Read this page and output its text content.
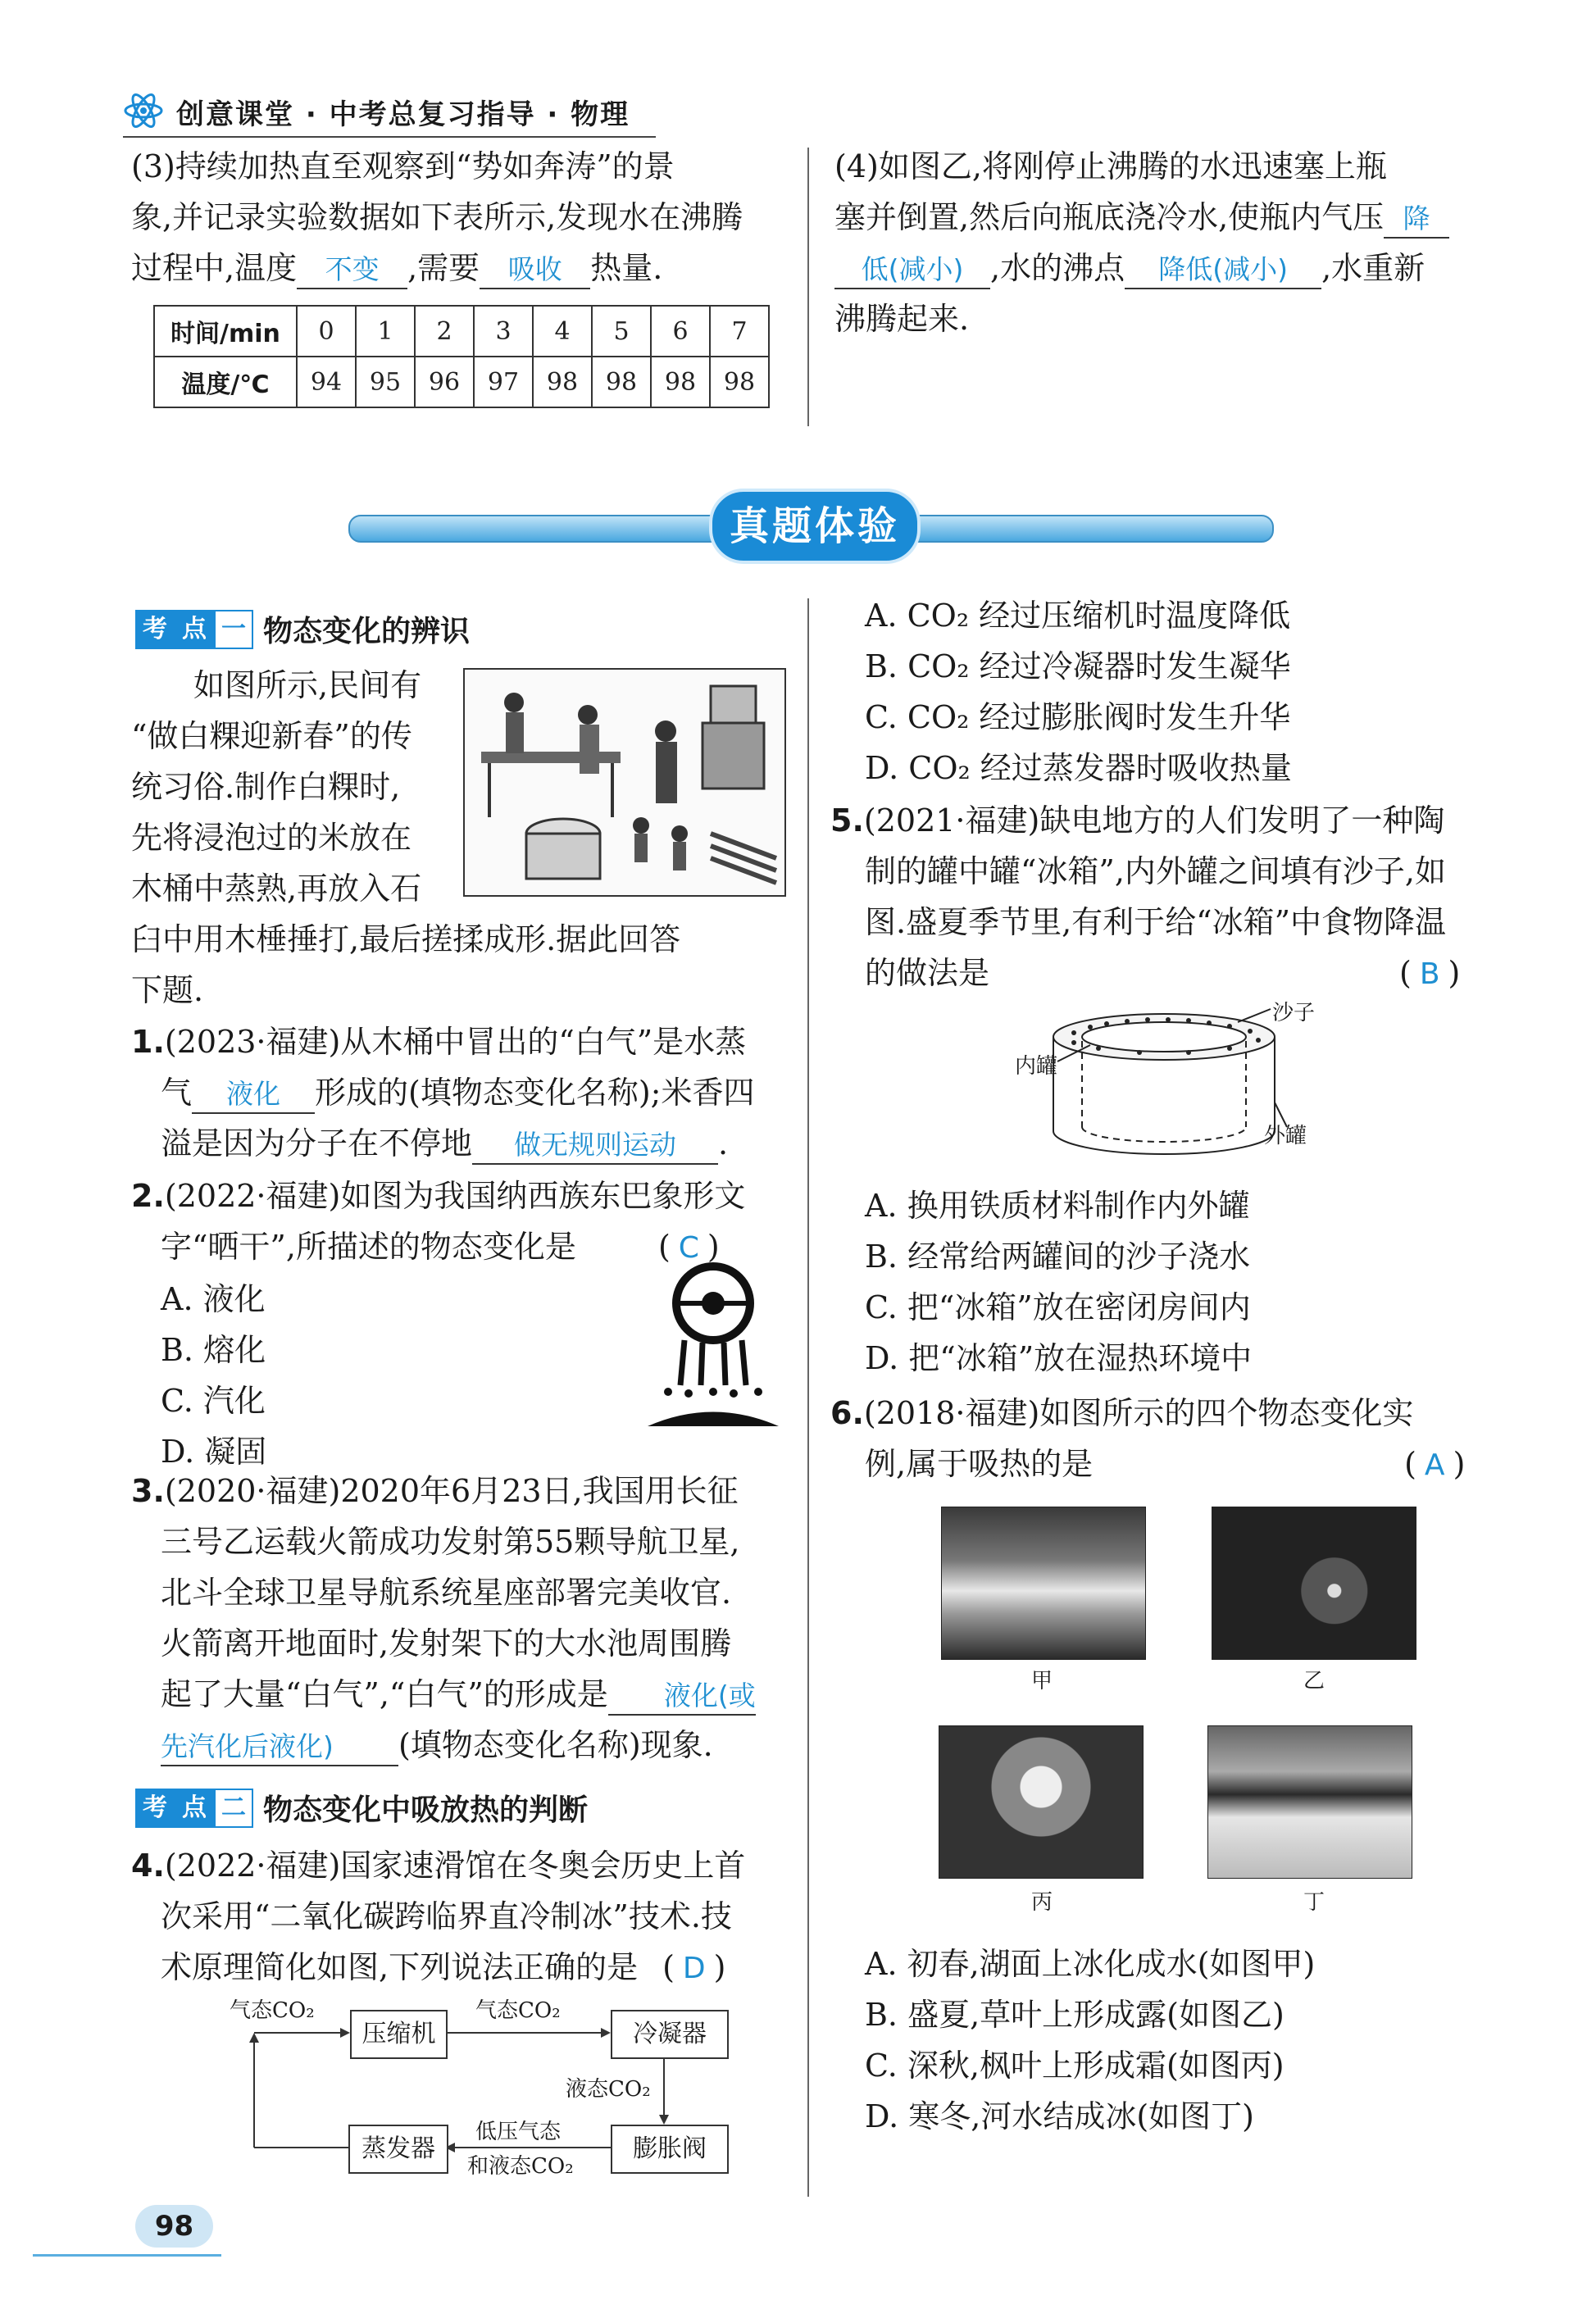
创意课堂 · 中考总复习指导 · 物理

(3)持续加热直至观察到“势如奔涛”的景

象,并记录实验数据如下表所示,发现水在沸腾

过程中,温度 不变 ,需要 吸收 热量.

时间/min	0	1	2	3	4	5	6	7
温度/℃	94	95	96	97	98	98	98	98

(4)如图乙,将刚停止沸腾的水迅速塞上瓶

塞并倒置,然后向瓶底浇冷水,使瓶内气压 降

低(减小) ,水的沸点 降低(减小) ,水重新

沸腾起来.

真题体验
考 点 一 物态变化的辨识

如图所示,民间有

“做白粿迎新春”的传

统习俗.制作白粿时,

先将浸泡过的米放在

木桶中蒸熟,再放入石

臼中用木棰捶打,最后搓揉成形.据此回答

下题.

1.(2023·福建)从木桶中冒出的“白气”是水蒸

气 液化 形成的(填物态变化名称);米香四

溢是因为分子在不停地 做无规则运动 .

2.(2022·福建)如图为我国纳西族东巴象形文

字“晒干”,所描述的物态变化是	( C )

A. 液化

B. 熔化

C. 汽化

D. 凝固

3.(2020·福建)2020年6月23日,我国用长征

三号乙运载火箭成功发射第55颗导航卫星,

北斗全球卫星导航系统星座部署完美收官.

火箭离开地面时,发射架下的大水池周围腾

起了大量“白气”,“白气”的形成是 液化(或

先汽化后液化) (填物态变化名称)现象.

考 点 二 物态变化中吸放热的判断

4.(2022·福建)国家速滑馆在冬奥会历史上首

次采用“二氧化碳跨临界直冷制冰”技术.技

术原理简化如图,下列说法正确的是 ( D )

气态CO₂
压缩机
气态CO₂
冷凝器
液态CO₂
膨胀阀
低压气态
和液态CO₂
蒸发器

A. CO₂ 经过压缩机时温度降低

B. CO₂ 经过冷凝器时发生凝华

C. CO₂ 经过膨胀阀时发生升华

D. CO₂ 经过蒸发器时吸收热量

5.(2021·福建)缺电地方的人们发明了一种陶

制的罐中罐“冰箱”,内外罐之间填有沙子,如

图.盛夏季节里,有利于给“冰箱”中食物降温

的做法是	( B )

沙子
内罐
外罐

A. 换用铁质材料制作内外罐

B. 经常给两罐间的沙子浇水

C. 把“冰箱”放在密闭房间内

D. 把“冰箱”放在湿热环境中

6.(2018·福建)如图所示的四个物态变化实

例,属于吸热的是	( A )

甲	乙
丙	丁

A. 初春,湖面上冰化成水(如图甲)

B. 盛夏,草叶上形成露(如图乙)

C. 深秋,枫叶上形成霜(如图丙)

D. 寒冬,河水结成冰(如图丁)

98
